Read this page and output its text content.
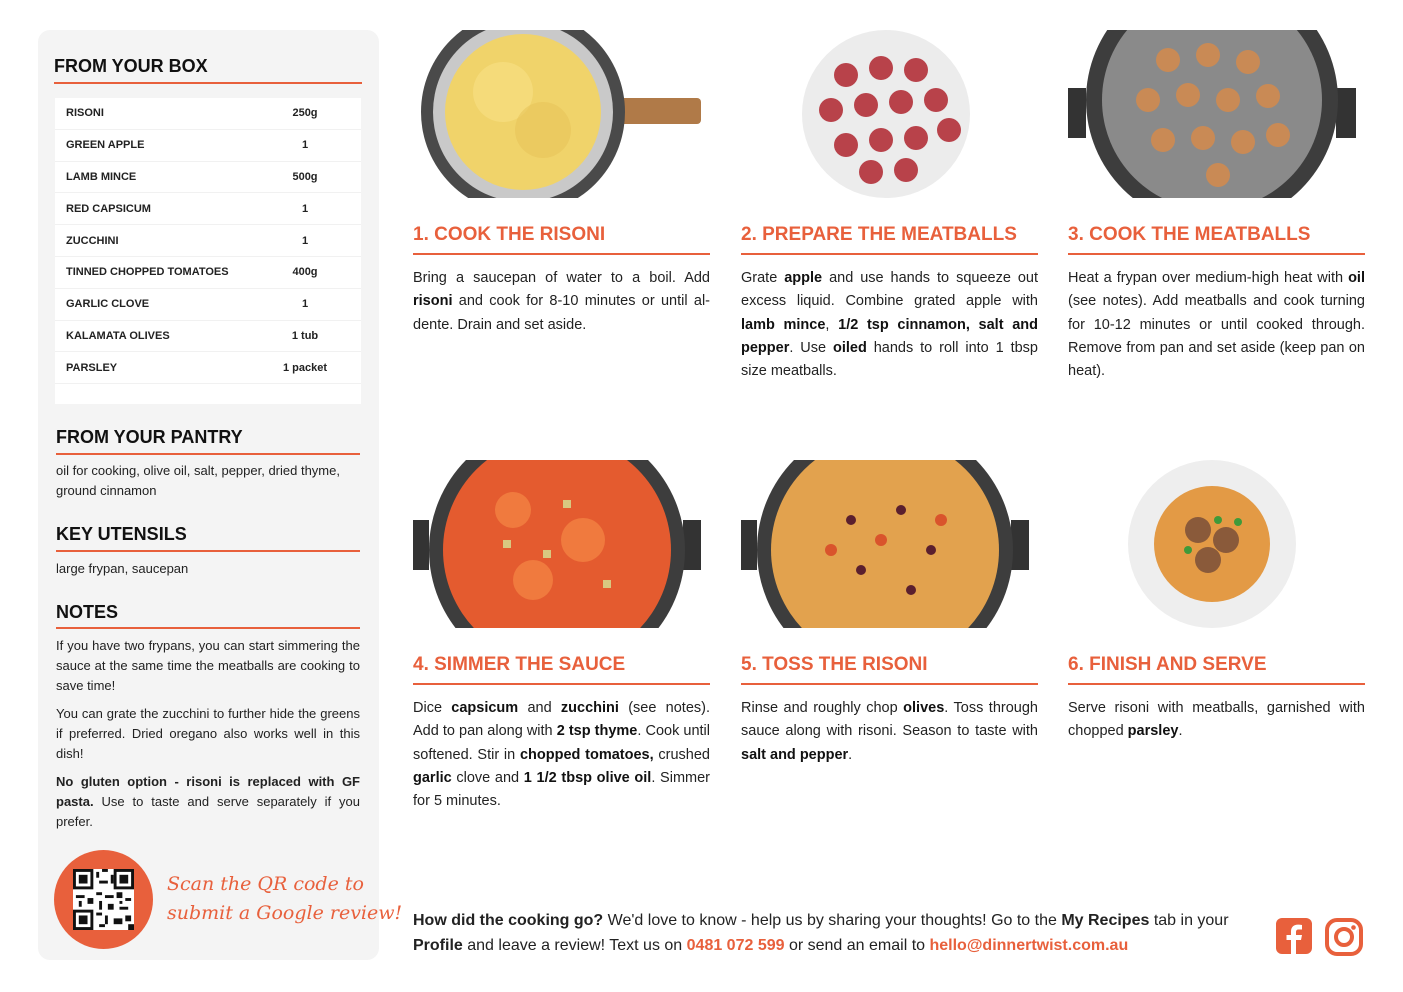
FROM YOUR BOX
RISONI	250g
GREEN APPLE	1
LAMB MINCE	500g
RED CAPSICUM	1
ZUCCHINI	1
TINNED CHOPPED TOMATOES	400g
GARLIC CLOVE	1
KALAMATA OLIVES	1 tub
PARSLEY	1 packet
FROM YOUR PANTRY
oil for cooking, olive oil, salt, pepper, dried thyme, ground cinnamon
KEY UTENSILS
large frypan, saucepan
NOTES

If you have two frypans, you can start simmering the sauce at the same time the meatballs are cooking to save time!

You can grate the zucchini to further hide the greens if preferred. Dried oregano also works well in this dish!

No gluten option - risoni is replaced with GF pasta. Use to taste and serve separately if you prefer.

Scan the QR code to
submit a Google review!
1. COOK THE RISONI	2. PREPARE THE MEATBALLS	3. COOK THE MEATBALLS
4. SIMMER THE SAUCE	5. TOSS THE RISONI	6. FINISH AND SERVE
Bring a saucepan of water to a boil. Add risoni and cook for 8-10 minutes or until al-dente. Drain and set aside.
Grate apple and use hands to squeeze out excess liquid. Combine grated apple with lamb mince, 1/2 tsp cinnamon, salt and pepper. Use oiled hands to roll into 1 tbsp size meatballs.
Heat a frypan over medium-high heat with oil (see notes). Add meatballs and cook turning for 10-12 minutes or until cooked through. Remove from pan and set aside (keep pan on heat).
Dice capsicum and zucchini (see notes). Add to pan along with 2 tsp thyme. Cook until softened. Stir in chopped tomatoes, crushed garlic clove and 1 1/2 tbsp olive oil. Simmer for 5 minutes.
Rinse and roughly chop olives. Toss through sauce along with risoni. Season to taste with salt and pepper.
Serve risoni with meatballs, garnished with chopped parsley.
How did the cooking go? We'd love to know - help us by sharing your thoughts! Go to the My Recipes tab in your Profile and leave a review! Text us on 0481 072 599 or send an email to hello@dinnertwist.com.au
